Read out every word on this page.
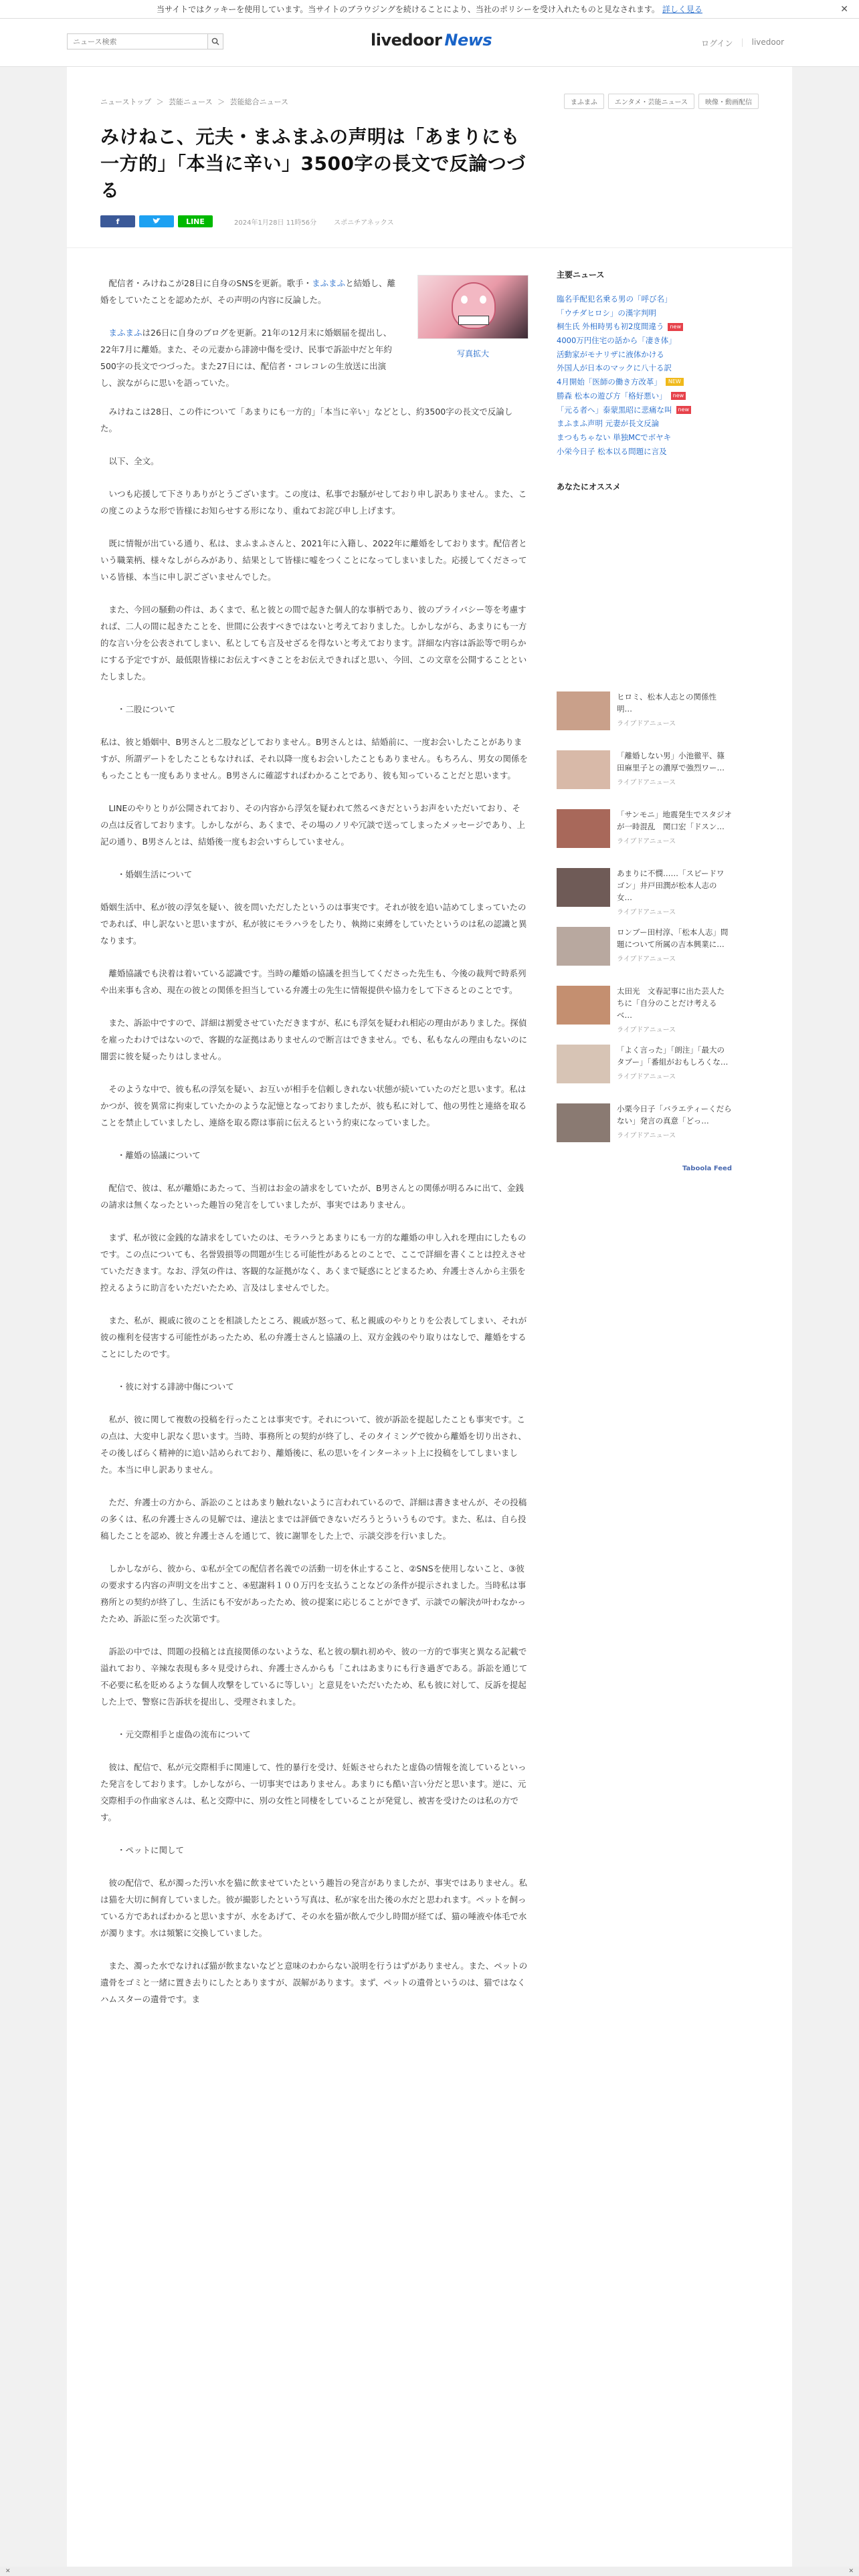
当サイトではクッキーを使用しています。当サイトのブラウジングを続けることにより、当社のポリシーを受け入れたものと見なされます。 詳しく見る	✕
ニュース検索
livedoor News	ログイン	|	livedoor
ニューストップ ＞ 芸能ニュース ＞ 芸能総合ニュース	まふまふ	エンタメ・芸能ニュース	映像・動画配信
みけねこ、元夫・まふまふの声明は「あまりにも一方的」「本当に辛い」3500字の長文で反論つづる
f	LINE	2024年1月28日 11時56分	スポニチアネックス

配信者・みけねこが28日に自身のSNSを更新。歌手・まふまふと結婚し、離婚をしていたことを認めたが、その声明の内容に反論した。

まふまふは26日に自身のブログを更新。21年の12月末に婚姻届を提出し、22年7月に離婚。また、その元妻から誹謗中傷を受け、民事で訴訟中だと年約500字の長文でつづった。また27日には、配信者・コレコレの生放送に出演し、涙ながらに思いを語っていた。

写真拡大

みけねこは28日、この件について「あまりにも一方的」「本当に辛い」などとし、約3500字の長文で反論した。

以下、全文。

いつも応援して下さりありがとうございます。この度は、私事でお騒がせしており申し訳ありません。また、この度このような形で皆様にお知らせする形になり、重ねてお詫び申し上げます。

既に情報が出ている通り、私は、まふまふさんと、2021年に入籍し、2022年に離婚をしております。配信者という職業柄、様々なしがらみがあり、結果として皆様に嘘をつくことになってしまいました。応援してくださっている皆様、本当に申し訳ございませんでした。

また、今回の騒動の件は、あくまで、私と彼との間で起きた個人的な事柄であり、彼のプライバシー等を考慮すれば、二人の間に起きたことを、世間に公表すべきではないと考えておりました。しかしながら、あまりにも一方的な言い分を公表されてしまい、私としても言及せざるを得ないと考えております。詳細な内容は訴訟等で明らかにする予定ですが、最低限皆様にお伝えすべきことをお伝えできればと思い、今回、この文章を公開することといたしました。

・二股について

私は、彼と婚姻中、B男さんと二股などしておりません。B男さんとは、結婚前に、一度お会いしたことがありますが、所謂デートをしたこともなければ、それ以降一度もお会いしたこともありません。もちろん、男女の関係をもったことも一度もありません。B男さんに確認すればわかることであり、彼も知っていることだと思います。

LINEのやりとりが公開されており、その内容から浮気を疑われて然るべきだというお声をいただいており、その点は反省しております。しかしながら、あくまで、その場のノリや冗談で送ってしまったメッセージであり、上記の通り、B男さんとは、結婚後一度もお会いすらしていません。

・婚姻生活について

婚姻生活中、私が彼の浮気を疑い、彼を問いただしたというのは事実です。それが彼を追い詰めてしまっていたのであれば、申し訳ないと思いますが、私が彼にモラハラをしたり、執拗に束縛をしていたというのは私の認識と異なります。

離婚協議でも決着は着いている認識です。当時の離婚の協議を担当してくださった先生も、今後の裁判で時系列や出来事も含め、現在の彼との関係を担当している弁護士の先生に情報提供や協力をして下さるとのことです。

また、訴訟中ですので、詳細は割愛させていただきますが、私にも浮気を疑われ相応の理由がありました。探偵を雇ったわけではないので、客観的な証拠はありませんので断言はできません。でも、私もなんの理由もないのに闇雲に彼を疑ったりはしません。

そのような中で、彼も私の浮気を疑い、お互いが相手を信頼しきれない状態が続いていたのだと思います。私はかつが、彼を異常に拘束していたかのような記憶となっておりましたが、彼も私に対して、他の男性と連絡を取ることを禁止していましたし、連絡を取る際は事前に伝えるという約束になっていました。

・離婚の協議について

配信で、彼は、私が離婚にあたって、当初はお金の請求をしていたが、B男さんとの関係が明るみに出て、金銭の請求は無くなったといった趣旨の発言をしていましたが、事実ではありません。

まず、私が彼に金銭的な請求をしていたのは、モラハラとあまりにも一方的な離婚の申し入れを理由にしたものです。この点についても、名誉毀損等の問題が生じる可能性があるとのことで、ここで詳細を書くことは控えさせていただきます。なお、浮気の件は、客観的な証拠がなく、あくまで疑惑にとどまるため、弁護士さんから主張を控えるように助言をいただいたため、言及はしませんでした。

また、私が、親戚に彼のことを相談したところ、親戚が怒って、私と親戚のやりとりを公表してしまい、それが彼の権利を侵害する可能性があったため、私の弁護士さんと協議の上、双方金銭のやり取りはなしで、離婚をすることにしたのです。

・彼に対する誹謗中傷について

私が、彼に関して複数の投稿を行ったことは事実です。それについて、彼が訴訟を提起したことも事実です。この点は、大変申し訳なく思います。当時、事務所との契約が終了し、そのタイミングで彼から離婚を切り出され、その後しばらく精神的に追い詰められており、離婚後に、私の思いをインターネット上に投稿をしてしまいました。本当に申し訳ありません。

ただ、弁護士の方から、訴訟のことはあまり触れないように言われているので、詳細は書きませんが、その投稿の多くは、私の弁護士さんの見解では、違法とまでは評価できないだろうとういうものです。また、私は、自ら投稿したことを認め、彼と弁護士さんを通じて、彼に謝罪をした上で、示談交渉を行いました。

しかしながら、彼から、①私が全ての配信者名義での活動一切を休止すること、②SNSを使用しないこと、③彼の要求する内容の声明文を出すこと、④慰謝料１００万円を支払うことなどの条件が提示されました。当時私は事務所との契約が終了し、生活にも不安があったため、彼の提案に応じることができず、示談での解決が叶わなかったため、訴訟に至った次第です。

訴訟の中では、問題の投稿とは直接関係のないような、私と彼の馴れ初めや、彼の一方的で事実と異なる記載で溢れており、辛辣な表現も多々見受けられ、弁護士さんからも「これはあまりにも行き過ぎである。訴訟を通じて不必要に私を貶めるような個人攻撃をしているに等しい」と意見をいただいたため、私も彼に対して、反訴を提起した上で、警察に告訴状を提出し、受理されました。

・元交際相手と虚偽の流布について

彼は、配信で、私が元交際相手に関連して、性的暴行を受け、妊娠させられたと虚偽の情報を流しているといった発言をしております。しかしながら、一切事実ではありません。あまりにも酷い言い分だと思います。逆に、元交際相手の作曲家さんは、私と交際中に、別の女性と同棲をしていることが発覚し、被害を受けたのは私の方です。

・ペットに関して

彼の配信で、私が濁った汚い水を猫に飲ませていたという趣旨の発言がありましたが、事実ではありません。私は猫を大切に飼育していました。彼が撮影したという写真は、私が家を出た後の水だと思われます。ペットを飼っている方であればわかると思いますが、水をあげて、その水を猫が飲んで少し時間が経てば、猫の唾液や体毛で水が濁ります。水は頻繁に交換していました。

また、濁った水でなければ猫が飲まないなどと意味のわからない説明を行うはずがありません。また、ペットの遺骨をゴミと一緒に置き去りにしたとありますが、誤解があります。まず、ペットの遺骨というのは、猫ではなくハムスターの遺骨です。ま

主要ニュース
臨名手配犯名乗る男の「呼び名」
「ウチダヒロシ」の漢字判明
桐生氏 外相時男も初2度間違う	new
4000万円住宅の話から「凄き体」
活動家がモナリザに液体かける
外国人が日本のマックに八十る訳
4月開始「医師の働き方改革」	NEW
勝森 松本の遊び方「格好悪い」	new
「元る者へ」泰蒙黒昭に悲痛な叫	new
まふまふ声明 元妻が長文反論
まつもちゃない 単独MCでボヤキ
小栄今日子 松本以る問題に言及
あなたにオススメ
ヒロミ、松本人志との関係性明…
ライブドアニュース
「離婚しない男」小池徹平、篠田麻里子との濃厚で強烈ワー…
ライブドアニュース
「サンモニ」地震発生でスタジオが一時混乱　関口宏「ドスン…
ライブドアニュース
あまりに不憫……「スピードワゴン」井戸田潤が松本人志の女…
ライブドアニュース
ロンブー田村淳、「松本人志」問題について所属の吉本興業に…
ライブドアニュース
太田光　文春記事に出た芸人たちに「自分のことだけ考えるべ…
ライブドアニュース
「よく言った」「朗注」「最大のタブー」「番組がおもしろくな…
ライブドアニュース
小栗今日子「バラエティーくだらない」発言の真意「どっ…
ライブドアニュース
Taboola Feed
✕	✕
